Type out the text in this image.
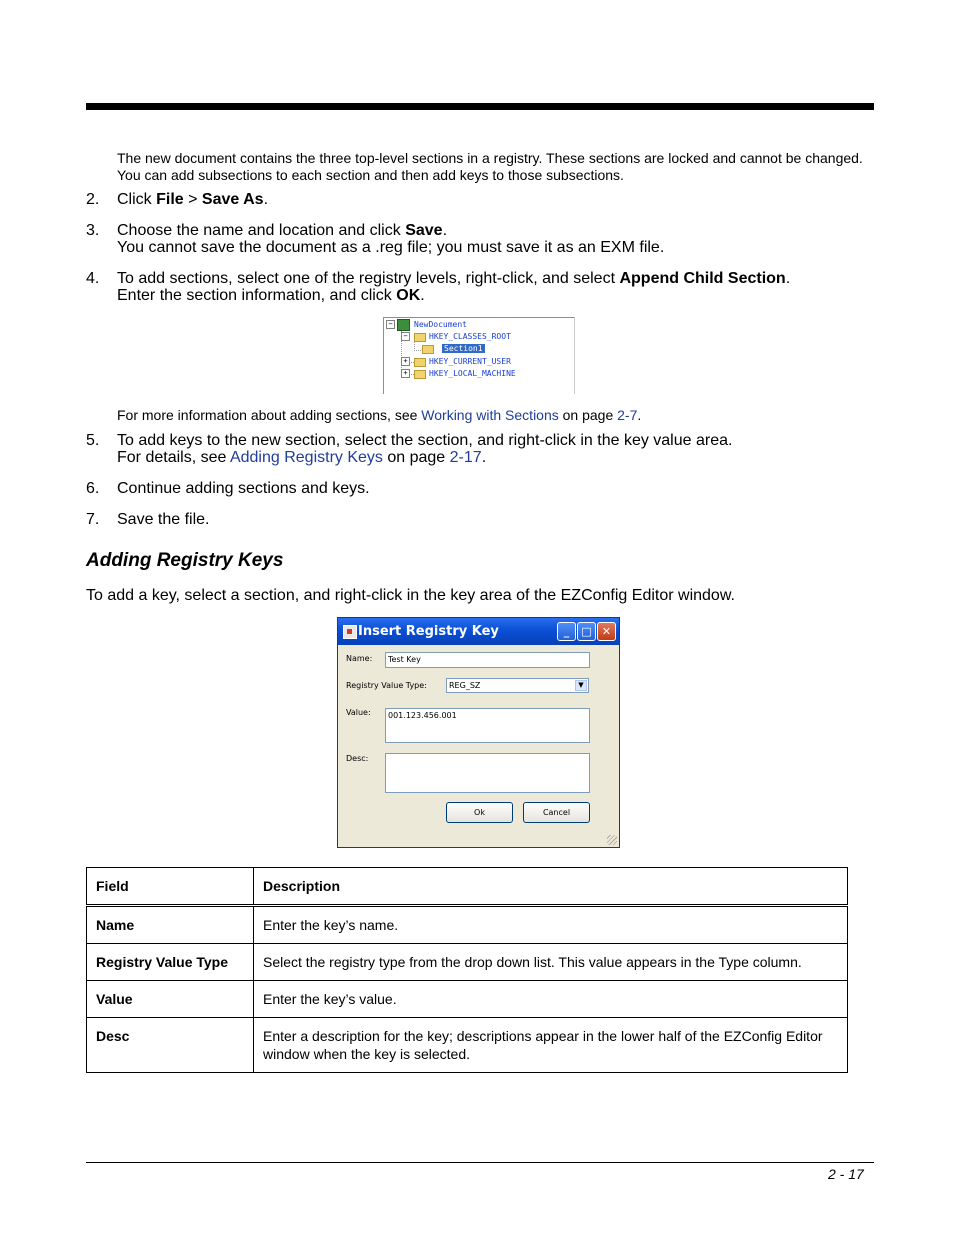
The new document contains the three top-level sections in a registry. These sections are locked and cannot be changed. You can add subsections to each section and then add keys to those subsections.
2. Click File > Save As.
3. Choose the name and location and click Save.
You cannot save the document as a .reg file; you must save it as an EXM file.
4. To add sections, select one of the registry levels, right-click, and select Append Child Section.
Enter the section information, and click OK.
−	NewDocument
−	HKEY_CLASSES_ROOT
Section1
+	HKEY_CURRENT_USER
+	HKEY_LOCAL_MACHINE
For more information about adding sections, see Working with Sections on page 2-7.
5. To add keys to the new section, select the section, and right-click in the key value area.
For details, see Adding Registry Keys on page 2-17.
6. Continue adding sections and keys.
7. Save the file.
Adding Registry Keys
To add a key, select a section, and right-click in the key area of the EZConfig Editor window.
Insert Registry Key	_	□ ✕
Name:	Test Key
Registry Value Type:	REG_SZ	▼
Value:	001.123.456.001
Desc:
Ok	Cancel
Field	Description
Name	Enter the key’s name.
Registry Value Type	Select the registry type from the drop down list. This value appears in the Type column.
Value	Enter the key’s value.
Desc	Enter a description for the key; descriptions appear in the lower half of the EZConfig Editor window when the key is selected.
2 - 17
